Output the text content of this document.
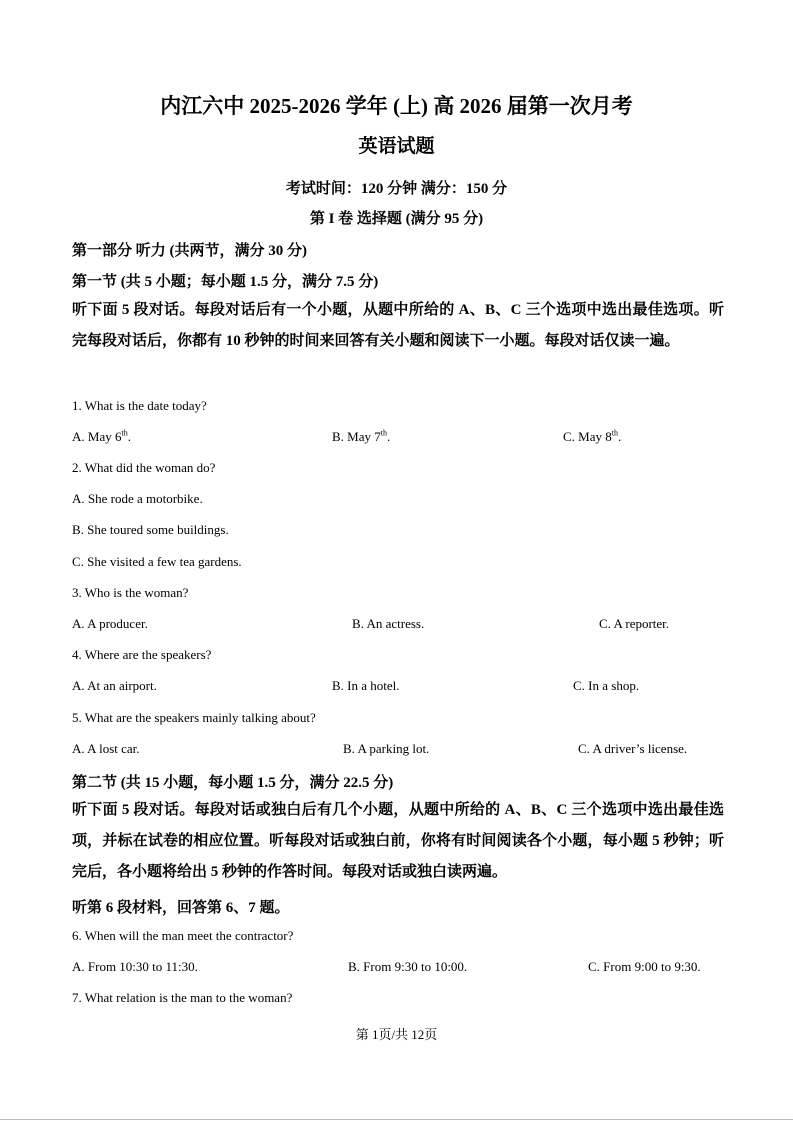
内江六中 2025-2026 学年 (上) 高 2026 届第一次月考
英语试题
考试时间：120 分钟 满分：150 分
第 I 卷 选择题 (满分 95 分)
第一部分 听力 (共两节，满分 30 分)
第一节 (共 5 小题；每小题 1.5 分，满分 7.5 分)
听下面 5 段对话。每段对话后有一个小题，从题中所给的 A、B、C 三个选项中选出最佳选项。听完每段对话后，你都有 10 秒钟的时间来回答有关小题和阅读下一小题。每段对话仅读一遍。
1. What is the date today?
A. May 6th.	B. May 7th.	C. May 8th.
2. What did the woman do?
A. She rode a motorbike.
B. She toured some buildings.
C. She visited a few tea gardens.
3. Who is the woman?
A. A producer.	B. An actress.	C. A reporter.
4. Where are the speakers?
A. At an airport.	B. In a hotel.	C. In a shop.
5. What are the speakers mainly talking about?
A. A lost car.	B. A parking lot.	C. A driver’s license.
第二节 (共 15 小题，每小题 1.5 分，满分 22.5 分)
听下面 5 段对话。每段对话或独白后有几个小题，从题中所给的 A、B、C 三个选项中选出最佳选项，并标在试卷的相应位置。听每段对话或独白前，你将有时间阅读各个小题，每小题 5 秒钟；听完后，各小题将给出 5 秒钟的作答时间。每段对话或独白读两遍。
听第 6 段材料，回答第 6、7 题。
6. When will the man meet the contractor?
A. From 10:30 to 11:30.	B. From 9:30 to 10:00.	C. From 9:00 to 9:30.
7. What relation is the man to the woman?
第 1页/共 12页
